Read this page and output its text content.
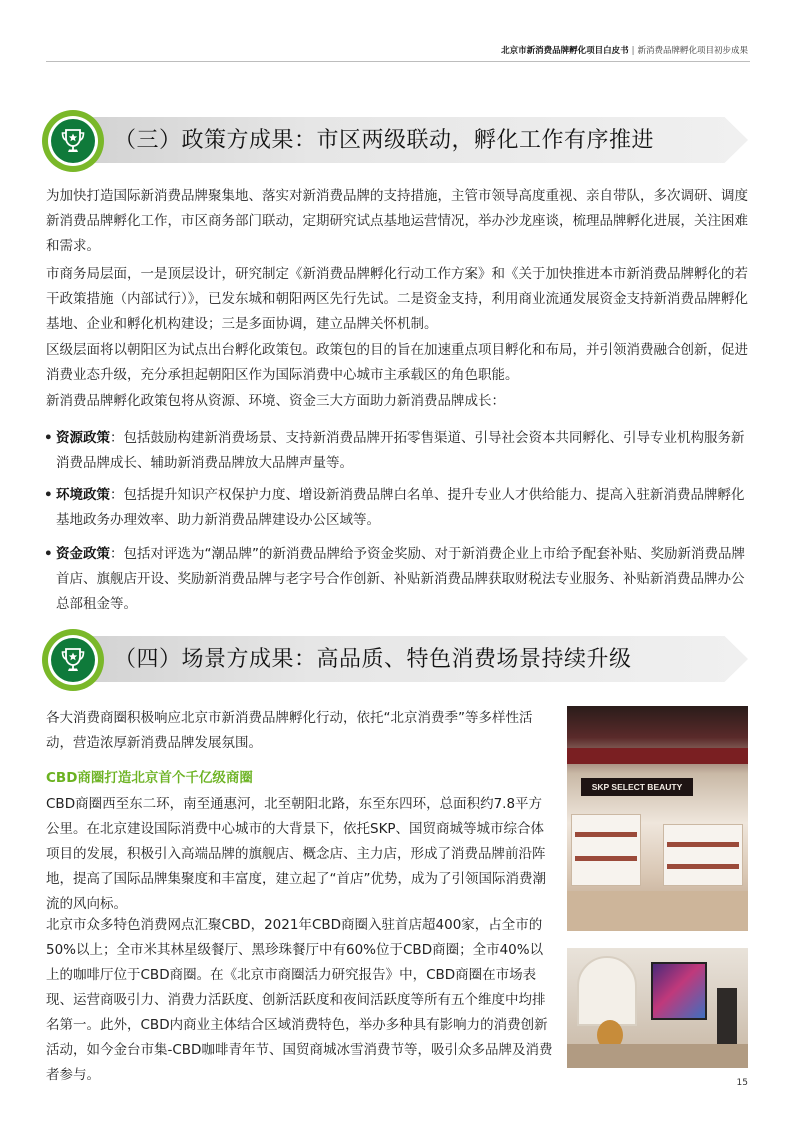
北京市新消费品牌孵化项目白皮书 | 新消费品牌孵化项目初步成果
（三）政策方成果：市区两级联动，孵化工作有序推进
为加快打造国际新消费品牌聚集地、落实对新消费品牌的支持措施，主管市领导高度重视、亲自带队，多次调研、调度新消费品牌孵化工作，市区商务部门联动，定期研究试点基地运营情况，举办沙龙座谈，梳理品牌孵化进展，关注困难和需求。
市商务局层面，一是顶层设计，研究制定《新消费品牌孵化行动工作方案》和《关于加快推进本市新消费品牌孵化的若干政策措施（内部试行）》，已发东城和朝阳两区先行先试。二是资金支持，利用商业流通发展资金支持新消费品牌孵化基地、企业和孵化机构建设；三是多面协调，建立品牌关怀机制。
区级层面将以朝阳区为试点出台孵化政策包。政策包的目的旨在加速重点项目孵化和布局，并引领消费融合创新，促进消费业态升级，充分承担起朝阳区作为国际消费中心城市主承载区的角色职能。
新消费品牌孵化政策包将从资源、环境、资金三大方面助力新消费品牌成长：
• 资源政策：包括鼓励构建新消费场景、支持新消费品牌开拓零售渠道、引导社会资本共同孵化、引导专业机构服务新消费品牌成长、辅助新消费品牌放大品牌声量等。
• 环境政策：包括提升知识产权保护力度、增设新消费品牌白名单、提升专业人才供给能力、提高入驻新消费品牌孵化基地政务办理效率、助力新消费品牌建设办公区域等。
• 资金政策：包括对评选为“潮品牌”的新消费品牌给予资金奖励、对于新消费企业上市给予配套补贴、奖励新消费品牌首店、旗舰店开设、奖励新消费品牌与老字号合作创新、补贴新消费品牌获取财税法专业服务、补贴新消费品牌办公总部租金等。
（四）场景方成果：高品质、特色消费场景持续升级
各大消费商圈积极响应北京市新消费品牌孵化行动，依托“北京消费季”等多样性活动，营造浓厚新消费品牌发展氛围。
CBD商圈打造北京首个千亿级商圈
CBD商圈西至东二环，南至通惠河，北至朝阳北路，东至东四环，总面积约7.8平方公里。在北京建设国际消费中心城市的大背景下，依托SKP、国贸商城等城市综合体项目的发展，积极引入高端品牌的旗舰店、概念店、主力店，形成了消费品牌前沿阵地，提高了国际品牌集聚度和丰富度，建立起了“首店”优势，成为了引领国际消费潮流的风向标。
北京市众多特色消费网点汇聚CBD，2021年CBD商圈入驻首店超400家，占全市的50%以上；全市米其林星级餐厅、黑珍珠餐厅中有60%位于CBD商圈；全市40%以上的咖啡厅位于CBD商圈。在《北京市商圈活力研究报告》中，CBD商圈在市场表现、运营商吸引力、消费力活跃度、创新活跃度和夜间活跃度等所有五个维度中均排名第一。此外，CBD内商业主体结合区域消费特色，举办多种具有影响力的消费创新活动，如今金台市集-CBD咖啡青年节、国贸商城冰雪消费节等，吸引众多品牌及消费者参与。
SKP SELECT BEAUTY
15
